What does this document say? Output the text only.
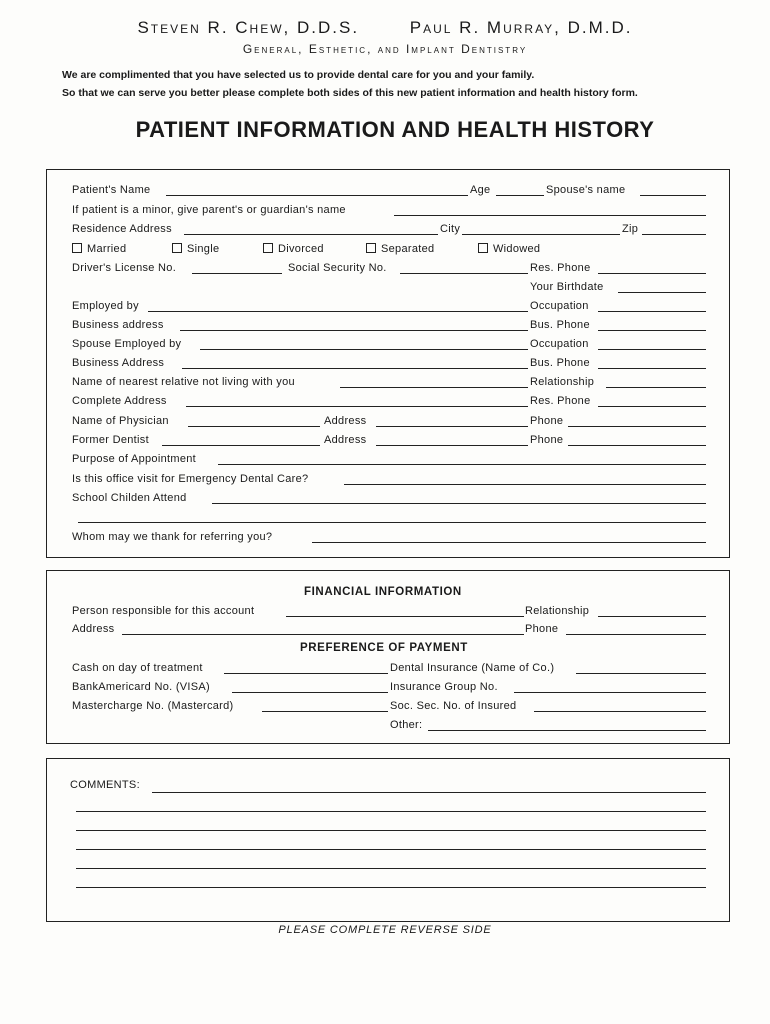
Steven R. Chew, D.D.S.	Paul R. Murray, D.M.D.
General, Esthetic, and Implant Dentistry
We are complimented that you have selected us to provide dental care for you and your family.
So that we can serve you better please complete both sides of this new patient information and health history form.
PATIENT INFORMATION AND HEALTH HISTORY
Patient's Name	Age	Spouse's name
If patient is a minor, give parent's or guardian's name
Residence Address	City	Zip
Married	Single	Divorced	Separated	Widowed
Driver's License No.	Social Security No.	Res. Phone
Your Birthdate
Employed by	Occupation
Business address	Bus. Phone
Spouse Employed by	Occupation
Business Address	Bus. Phone
Name of nearest relative not living with you	Relationship
Complete Address	Res. Phone
Name of Physician	Address	Phone
Former Dentist	Address	Phone
Purpose of Appointment
Is this office visit for Emergency Dental Care?
School Childen Attend
Whom may we thank for referring you?
FINANCIAL INFORMATION
Person responsible for this account	Relationship
Address	Phone
PREFERENCE OF PAYMENT
Cash on day of treatment	Dental Insurance (Name of Co.)
BankAmericard No. (VISA)	Insurance Group No.
Mastercharge No. (Mastercard)	Soc. Sec. No. of Insured
Other:
COMMENTS:
PLEASE COMPLETE REVERSE SIDE
